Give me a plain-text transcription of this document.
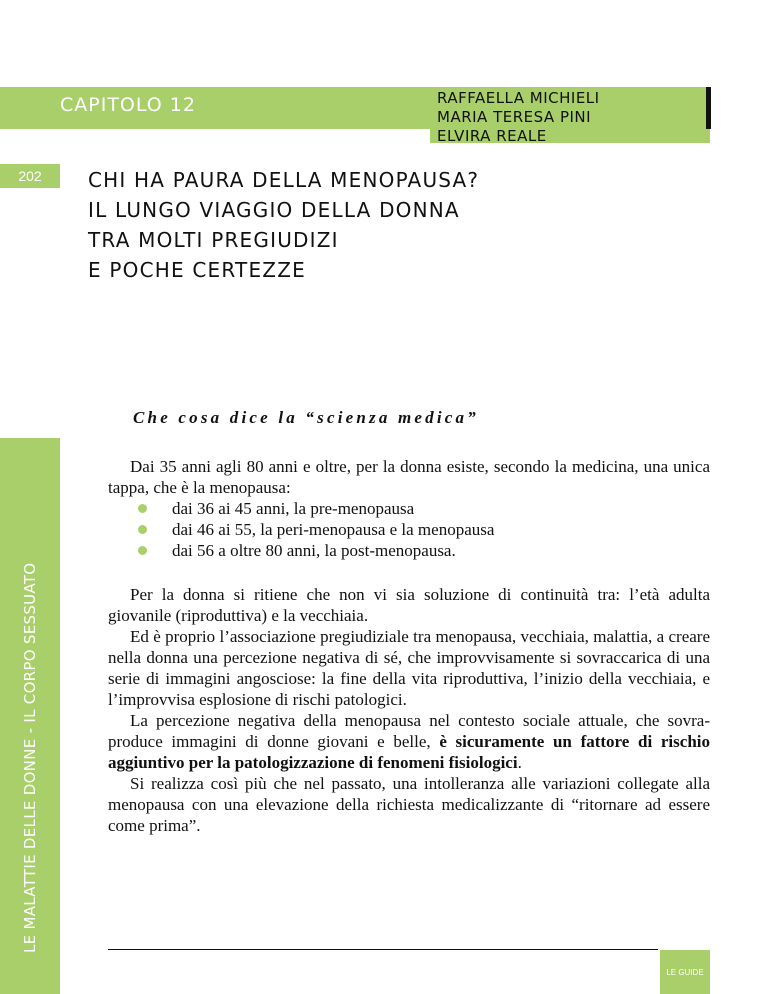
CAPITOLO 12	RAFFAELLA MICHIELI
MARIA TERESA PINI
ELVIRA REALE
202
LE MALATTIE DELLE DONNE - IL CORPO SESSUATO
CHI HA PAURA DELLA MENOPAUSA?
IL LUNGO VIAGGIO DELLA DONNA
TRA MOLTI PREGIUDIZI
E POCHE CERTEZZE
Che cosa dice la “scienza medica”

Dai 35 anni agli 80 anni e oltre, per la donna esiste, secondo la medicina, una unica tappa, che è la menopausa:

dai 36 ai 45 anni, la pre-menopausa
dai 46 ai 55, la peri-menopausa e la menopausa
dai 56 a oltre 80 anni, la post-menopausa.

Per la donna si ritiene che non vi sia soluzione di continuità tra: l’età adulta giovanile (riproduttiva) e la vecchiaia.

Ed è proprio l’associazione pregiudiziale tra menopausa, vecchiaia, malattia, a creare nella donna una percezione negativa di sé, che improvvisamente si sovraccarica di una serie di immagini angosciose: la fine della vita riproduttiva, l’inizio della vecchiaia, e l’improvvisa esplosione di rischi patologici.

La percezione negativa della menopausa nel contesto sociale attuale, che sovra-produce immagini di donne giovani e belle, è sicuramente un fattore di rischio aggiuntivo per la patologizzazione di fenomeni fisiologici.

Si realizza così più che nel passato, una intolleranza alle variazioni collegate alla menopausa con una elevazione della richiesta medicalizzante di “ritornare ad essere come prima”.

LE GUIDE
